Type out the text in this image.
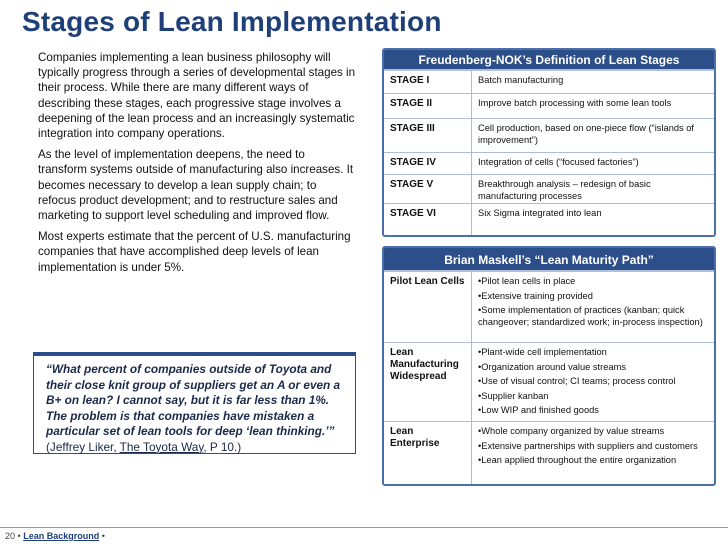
Stages of Lean Implementation

Companies implementing a lean business philosophy will typically progress through a series of developmental stages in their process. While there are many different ways of describing these stages, each progressive stage involves a deepening of the lean process and an increasingly systematic integration into company operations.

As the level of implementation deepens, the need to transform systems outside of manufacturing also increases. It becomes necessary to develop a lean supply chain; to refocus product development; and to restructure sales and marketing to support level scheduling and improved flow.

Most experts estimate that the percent of U.S. manufacturing companies that have accomplished deep levels of lean implementation is under 5%.

“What percent of companies outside of Toyota and their close knit group of suppliers get an A or even a B+ on lean? I cannot say, but it is far less than 1%. The problem is that companies have mistaken a particular set of lean tools for deep ‘lean thinking.’” (Jeffrey Liker, The Toyota Way, P 10.)
Freudenberg-NOK’s Definition of Lean Stages
STAGE I	Batch manufacturing
STAGE II	Improve batch processing with some lean tools
STAGE III	Cell production, based on one-piece flow (“islands of improvement”)
STAGE IV	Integration of cells (“focused factories”)
STAGE V	Breakthrough analysis – redesign of basic manufacturing processes
STAGE VI	Six Sigma integrated into lean
Brian Maskell’s “Lean Maturity Path”
Pilot Lean Cells
•	Pilot lean cells in place
• Extensive training provided
• Some implementation of practices (kanban; quick changeover; standardized work; in-process inspection)
Lean Manufacturing Widespread
• Plant-wide cell implementation
• Organization around value streams
• Use of visual control; CI teams; process control
• Supplier kanban
• Low WIP and finished goods
Lean Enterprise
• Whole company organized by value streams
• Extensive partnerships with suppliers and customers
• Lean applied throughout the entire organization
20 • Lean Background •
